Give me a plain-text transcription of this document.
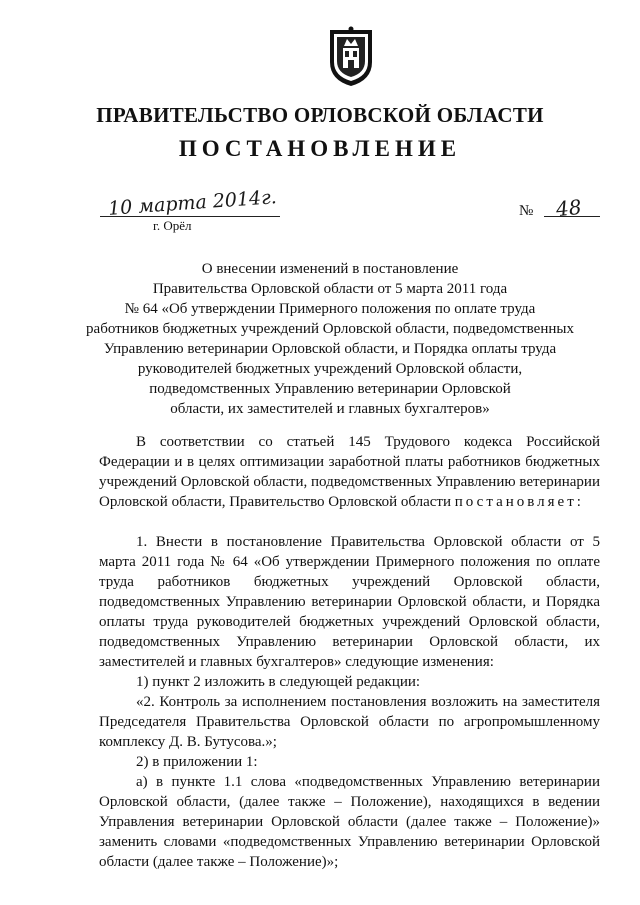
ПРАВИТЕЛЬСТВО ОРЛОВСКОЙ ОБЛАСТИ
ПОСТАНОВЛЕНИЕ
10 марта 2014г.	№ 48
г. Орёл
О внесении изменений в постановление
Правительства Орловской области от 5 марта 2011 года
№ 64 «Об утверждении Примерного положения по оплате труда
работников бюджетных учреждений Орловской области, подведомственных
Управлению ветеринарии Орловской области, и Порядка оплаты труда
руководителей бюджетных учреждений Орловской области,
подведомственных Управлению ветеринарии Орловской
области, их заместителей и главных бухгалтеров»

В соответствии со статьей 145 Трудового кодекса Российской Федерации и в целях оптимизации заработной платы работников бюджетных учреждений Орловской области, подведомственных Управлению ветеринарии Орловской области, Правительство Орловской области постановляет:

1. Внести в постановление Правительства Орловской области от 5 марта 2011 года № 64 «Об утверждении Примерного положения по оплате труда работников бюджетных учреждений Орловской области, подведомственных Управлению ветеринарии Орловской области, и Порядка оплаты труда руководителей бюджетных учреждений Орловской области, подведомственных Управлению ветеринарии Орловской области, их заместителей и главных бухгалтеров» следующие изменения:

1) пункт 2 изложить в следующей редакции:

«2. Контроль за исполнением постановления возложить на заместителя Председателя Правительства Орловской области по агропромышленному комплексу Д. В. Бутусова.»;

2) в приложении 1:

а) в пункте 1.1 слова «подведомственных Управлению ветеринарии Орловской области, (далее также – Положение), находящихся в ведении Управления ветеринарии Орловской области (далее также – Положение)» заменить словами «подведомственных Управлению ветеринарии Орловской области (далее также – Положение)»;
